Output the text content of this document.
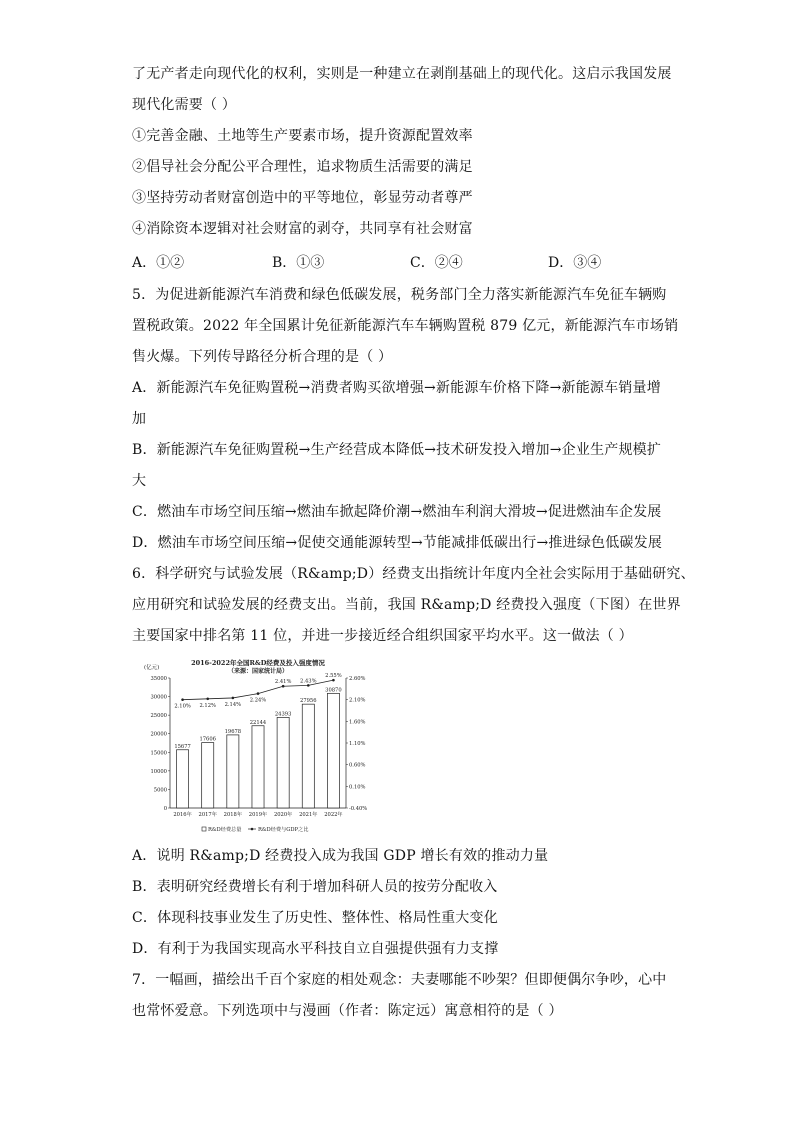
了无产者走向现代化的权利，实则是一种建立在剥削基础上的现代化。这启示我国发展
现代化需要（ ）
①完善金融、土地等生产要素市场，提升资源配置效率
②倡导社会分配公平合理性，追求物质生活需要的满足
③坚持劳动者财富创造中的平等地位，彰显劳动者尊严
④消除资本逻辑对社会财富的剥夺，共同享有社会财富
A．①②	B．①③	C．②④	D．③④
5．为促进新能源汽车消费和绿色低碳发展，税务部门全力落实新能源汽车免征车辆购
置税政策。2022 年全国累计免征新能源汽车车辆购置税 879 亿元，新能源汽车市场销
售火爆。下列传导路径分析合理的是（ ）
A．新能源汽车免征购置税→消费者购买欲增强→新能源车价格下降→新能源车销量增
加
B．新能源汽车免征购置税→生产经营成本降低→技术研发投入增加→企业生产规模扩
大
C．燃油车市场空间压缩→燃油车掀起降价潮→燃油车利润大滑坡→促进燃油车企发展
D．燃油车市场空间压缩→促使交通能源转型→节能减排低碳出行→推进绿色低碳发展
6．科学研究与试验发展（R&amp;D）经费支出指统计年度内全社会实际用于基础研究、
应用研究和试验发展的经费支出。当前，我国 R&amp;D 经费投入强度（下图）在世界
主要国家中排名第 11 位，并进一步接近经合组织国家平均水平。这一做法（ ）
2016-2022年全国R&D经费及投入强度情况
（来源：国家统计局）
(亿元)
0
5000
10000
15000
20000
25000
30000
35000
-0.40%
0.10%
0.60%
1.10%
1.60%
2.10%
2.60%
2016年 2017年 2018年 2019年 2020年 2021年 2022年
15677
17606
19678
22144
24393
27956
30870
2.10% 2.12% 2.14%
2.24%
2.41% 2.43%
2.55%
R&D经费总量	R&D经费与GDP之比
A．说明 R&amp;D 经费投入成为我国 GDP 增长有效的推动力量
B．表明研究经费增长有利于增加科研人员的按劳分配收入
C．体现科技事业发生了历史性、整体性、格局性重大变化
D．有利于为我国实现高水平科技自立自强提供强有力支撑
7．一幅画，描绘出千百个家庭的相处观念：夫妻哪能不吵架？但即便偶尔争吵，心中
也常怀爱意。下列选项中与漫画（作者：陈定远）寓意相符的是（ ）
